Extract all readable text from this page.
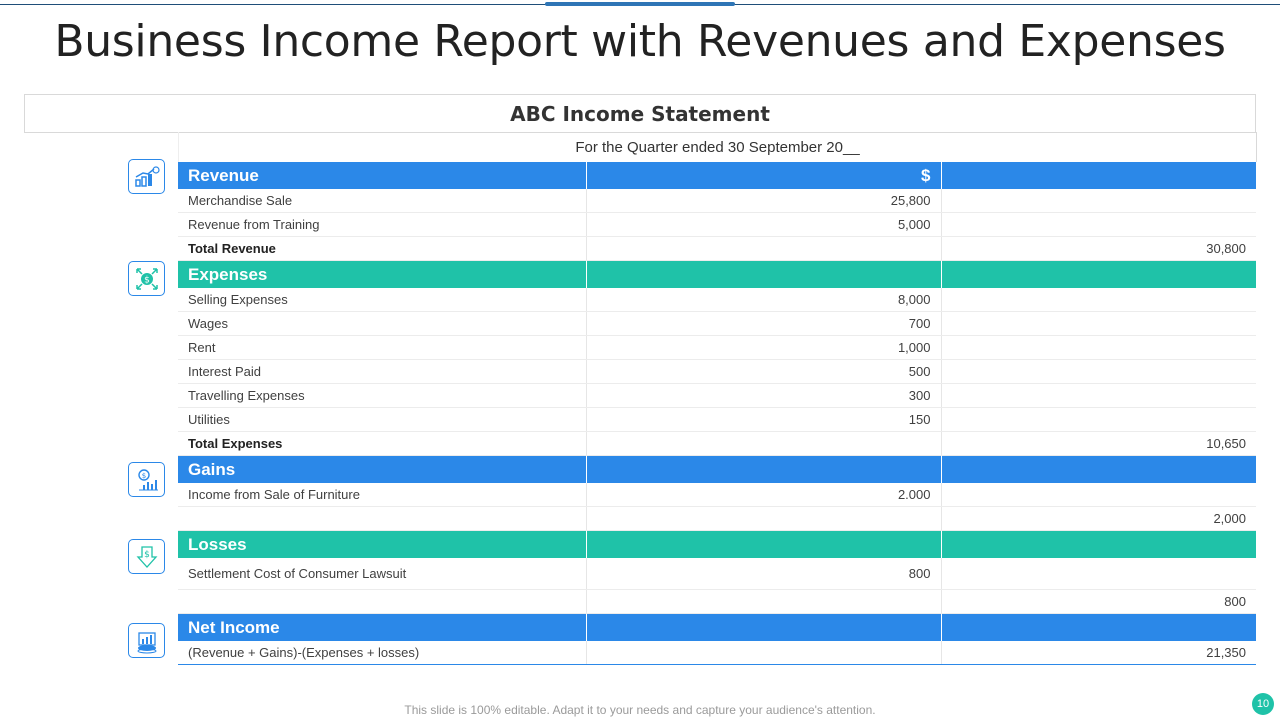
Business Income Report with Revenues and Expenses
ABC Income Statement
For the Quarter ended 30 September 20__
$
$
$
Revenue	$	
Merchandise Sale	25,800	
Revenue from Training	5,000	
Total Revenue		30,800
Expenses		
Selling Expenses	8,000	
Wages	700	
Rent	1,000	
Interest Paid	500	
Travelling Expenses	300	
Utilities	150	
Total Expenses		10,650
Gains		
Income from Sale of Furniture	2.000	
		2,000
Losses		
Settlement Cost of Consumer Lawsuit	800	
		800
Net Income		
(Revenue + Gains)-(Expenses + losses)		21,350
This slide is 100% editable. Adapt it to your needs and capture your audience's attention.	10
